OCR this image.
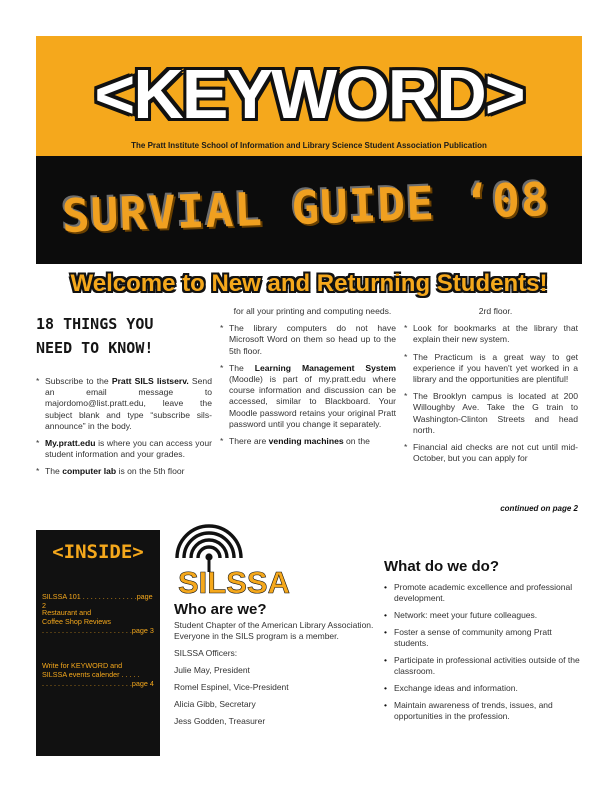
<KEYWORD>
The Pratt Institute School of Information and Library Science Student Association Publication
SURVIAL GUIDE ‘08
Welcome to New and Returning Students!
18 THINGS YOU
NEED TO KNOW!
* Subscribe to the Pratt SILS listserv. Send an email message to majordomo@list.pratt.edu, leave the subject blank and type “subscribe sils-announce” in the body.
* My.pratt.edu is where you can access your student information and your grades.
* The computer lab is on the 5th floor
for all your printing and computing needs.
* The library computers do not have Microsoft Word on them so head up to the 5th floor.
* The Learning Management System (Moodle) is part of my.pratt.edu where course information and discussion can be accessed, similar to Blackboard. Your Moodle password retains your original Pratt password until you change it separately.
* There are vending machines on the
2rd floor.
* Look for bookmarks at the library that explain their new system.
* The Practicum is a great way to get experience if you haven't yet worked in a library and the opportunities are plentiful!
* The Brooklyn campus is located at 200 Willoughby Ave. Take the G train to Washington-Clinton Streets and head north.
* Financial aid checks are not cut until mid-October, but you can apply for
continued on page 2
<INSIDE>
SILSSA 101 . . . . . . . . . . . . . .page 2
Restaurant and
Coffee Shop Reviews
. . . . . . . . . . . . . . . . . . . . . . .page 3
Write for KEYWORD and
SILSSA events calender . . . . .
. . . . . . . . . . . . . . . . . . . . . . .page 4
SILSSA
Who are we?

Student Chapter of the American Library Association. Everyone in the SILS program is a member.

SILSSA Officers:

Julie May, President

Romel Espinel, Vice-President

Alicia Gibb, Secretary

Jess Godden, Treasurer

What do we do?
• Promote academic excellence and professional development.
• Network: meet your future colleagues.
• Foster a sense of community among Pratt students.
• Participate in professional activities outside of the classroom.
• Exchange ideas and information.
• Maintain awareness of trends, issues, and opportunities in the profession.
